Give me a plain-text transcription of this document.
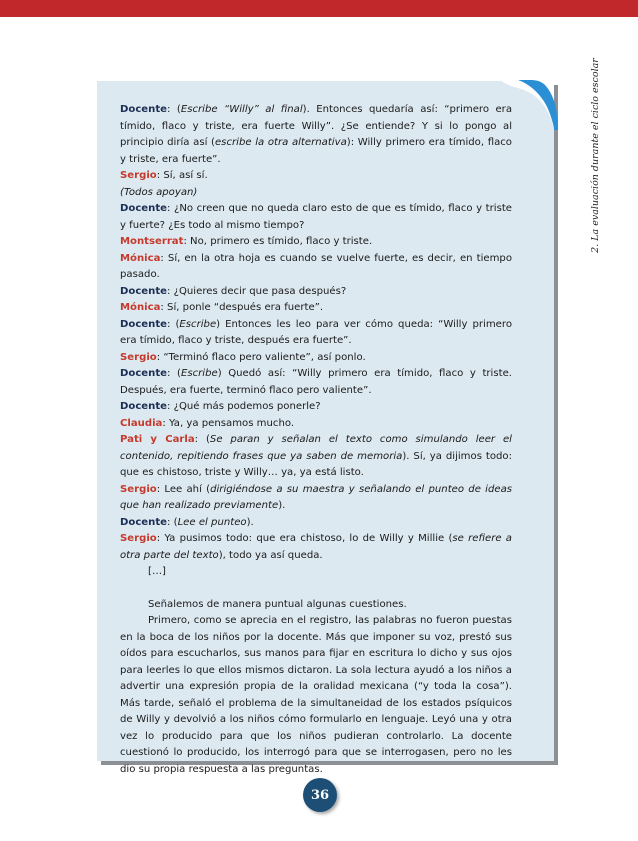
2. La evaluación durante el ciclo escolar

Docente: (Escribe “Willy” al final). Entonces quedaría así: “primero era tímido, flaco y triste, era fuerte Willy”. ¿Se entiende? Y si lo pongo al principio diría así (escribe la otra alternativa): Willy primero era tímido, flaco y triste, era fuerte”.

Sergio: Sí, así sí.

(Todos apoyan)

Docente: ¿No creen que no queda claro esto de que es tímido, flaco y triste y fuerte? ¿Es todo al mismo tiempo?

Montserrat: No, primero es tímido, flaco y triste.

Mónica: Sí, en la otra hoja es cuando se vuelve fuerte, es decir, en tiempo pasado.

Docente: ¿Quieres decir que pasa después?

Mónica: Sí, ponle “después era fuerte”.

Docente: (Escribe) Entonces les leo para ver cómo queda: “Willy primero era tímido, flaco y triste, después era fuerte”.

Sergio: “Terminó flaco pero valiente”, así ponlo.

Docente: (Escribe) Quedó así: “Willy primero era tímido, flaco y triste. Después, era fuerte, terminó flaco pero valiente”.

Docente: ¿Qué más podemos ponerle?

Claudia: Ya, ya pensamos mucho.

Pati y Carla: (Se paran y señalan el texto como simulando leer el contenido, repitiendo frases que ya saben de memoria). Sí, ya dijimos todo: que es chistoso, triste y Willy… ya, ya está listo.

Sergio: Lee ahí (dirigiéndose a su maestra y señalando el punteo de ideas que han realizado previamente).

Docente: (Lee el punteo).

Sergio: Ya pusimos todo: que era chistoso, lo de Willy y Millie (se refiere a otra parte del texto), todo ya así queda.

[…]

Señalemos de manera puntual algunas cuestiones.

Primero, como se aprecia en el registro, las palabras no fueron puestas en la boca de los niños por la docente. Más que imponer su voz, prestó sus oídos para escucharlos, sus manos para fijar en escritura lo dicho y sus ojos para leerles lo que ellos mismos dictaron. La sola lectura ayudó a los niños a advertir una expresión propia de la oralidad mexicana (“y toda la cosa”). Más tarde, señaló el problema de la simultaneidad de los estados psíquicos de Willy y devolvió a los niños cómo formularlo en lenguaje. Leyó una y otra vez lo producido para que los niños pudieran controlarlo. La docente cuestionó lo producido, los interrogó para que se interrogasen, pero no les dio su propia respuesta a las preguntas.

36
